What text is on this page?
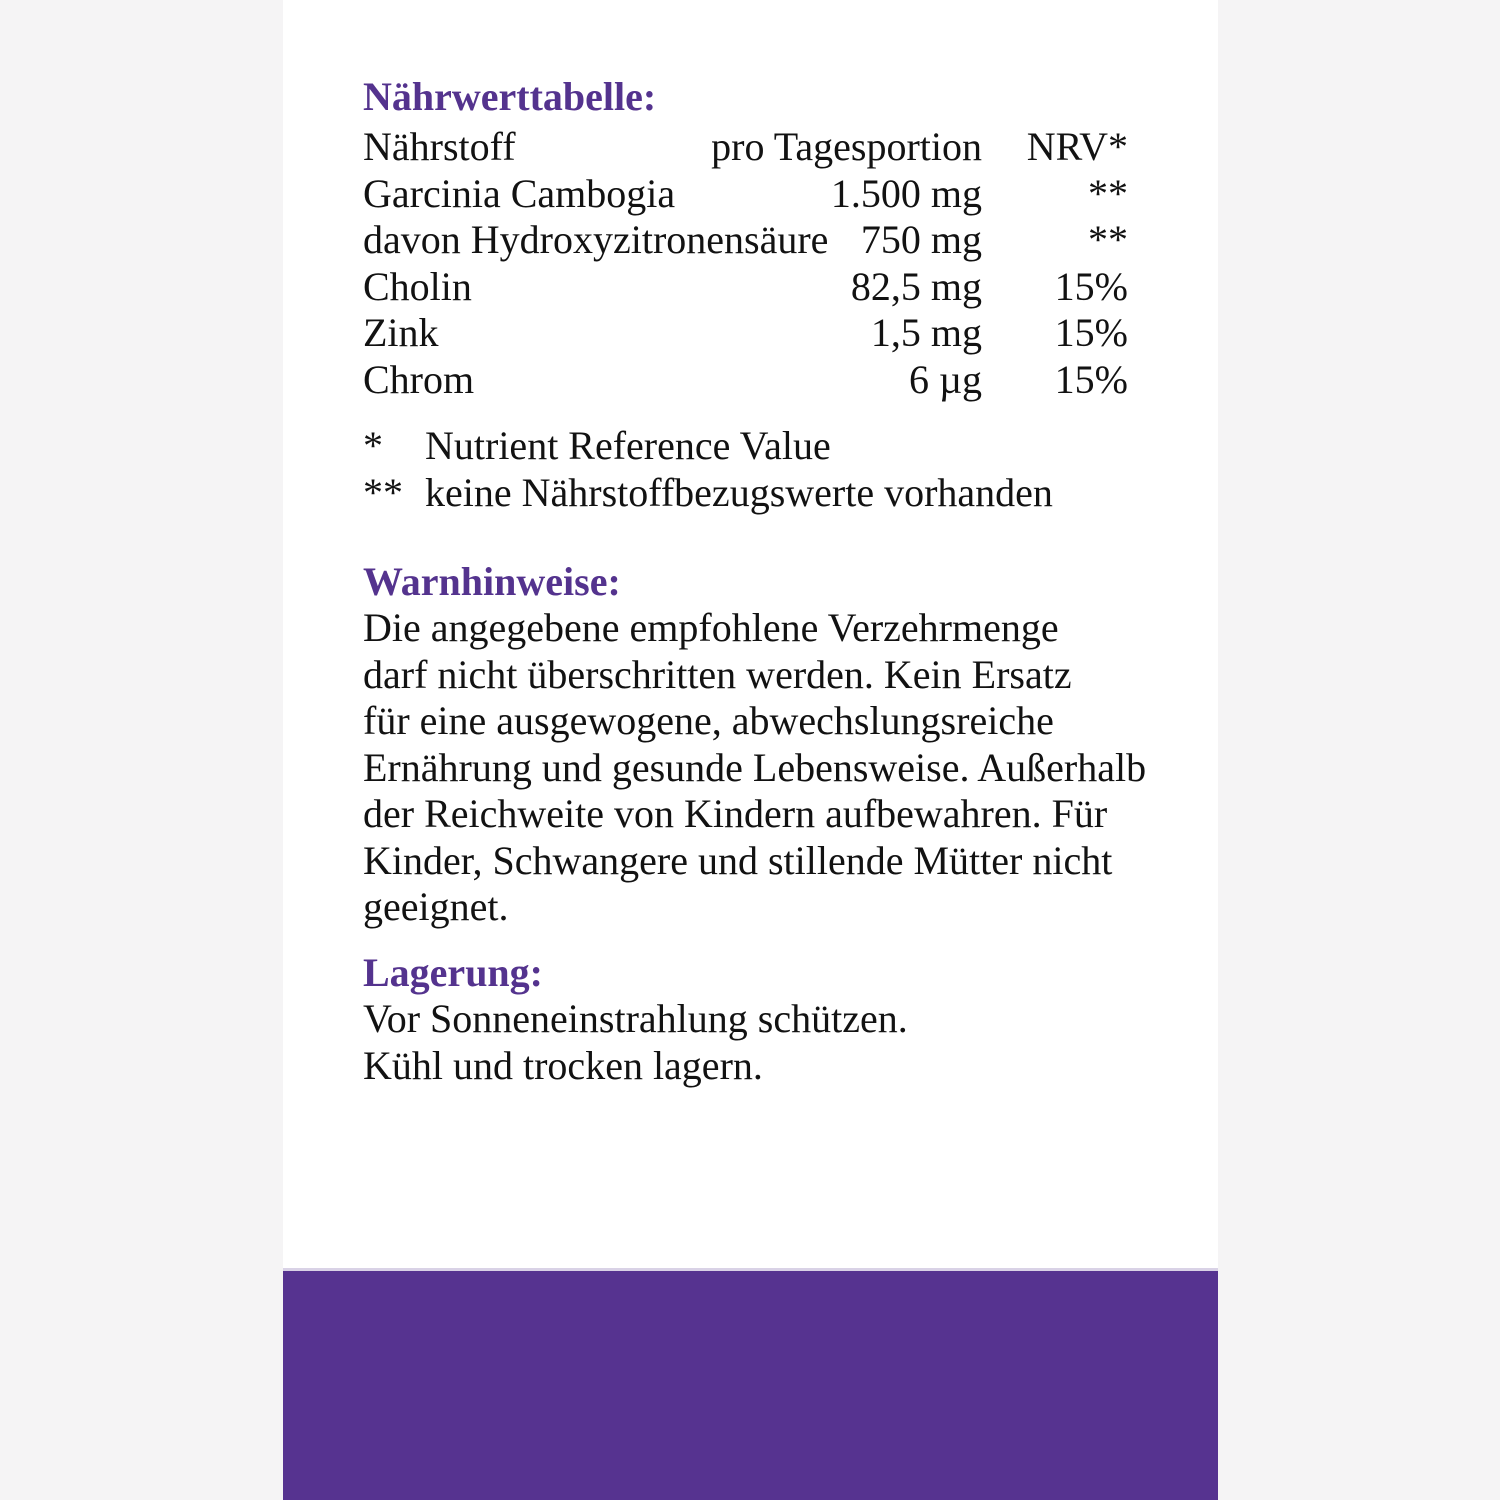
Nährwerttabelle:
Nährstoff	pro Tagesportion	NRV*
Garcinia Cambogia	1.500 mg	**
davon Hydroxyzitronensäure 750 mg	**
Cholin	82,5 mg	15%
Zink	1,5 mg	15%
Chrom	6 µg	15%
*	Nutrient Reference Value
** keine Nährstoffbezugswerte vorhanden
Warnhinweise:
Die angegebene empfohlene Verzehrmenge
darf nicht überschritten werden. Kein Ersatz
für eine ausgewogene, abwechslungsreiche
Ernährung und gesunde Lebensweise. Außerhalb
der Reichweite von Kindern aufbewahren. Für
Kinder, Schwangere und stillende Mütter nicht
geeignet.
Lagerung:
Vor Sonneneinstrahlung schützen.
Kühl und trocken lagern.
